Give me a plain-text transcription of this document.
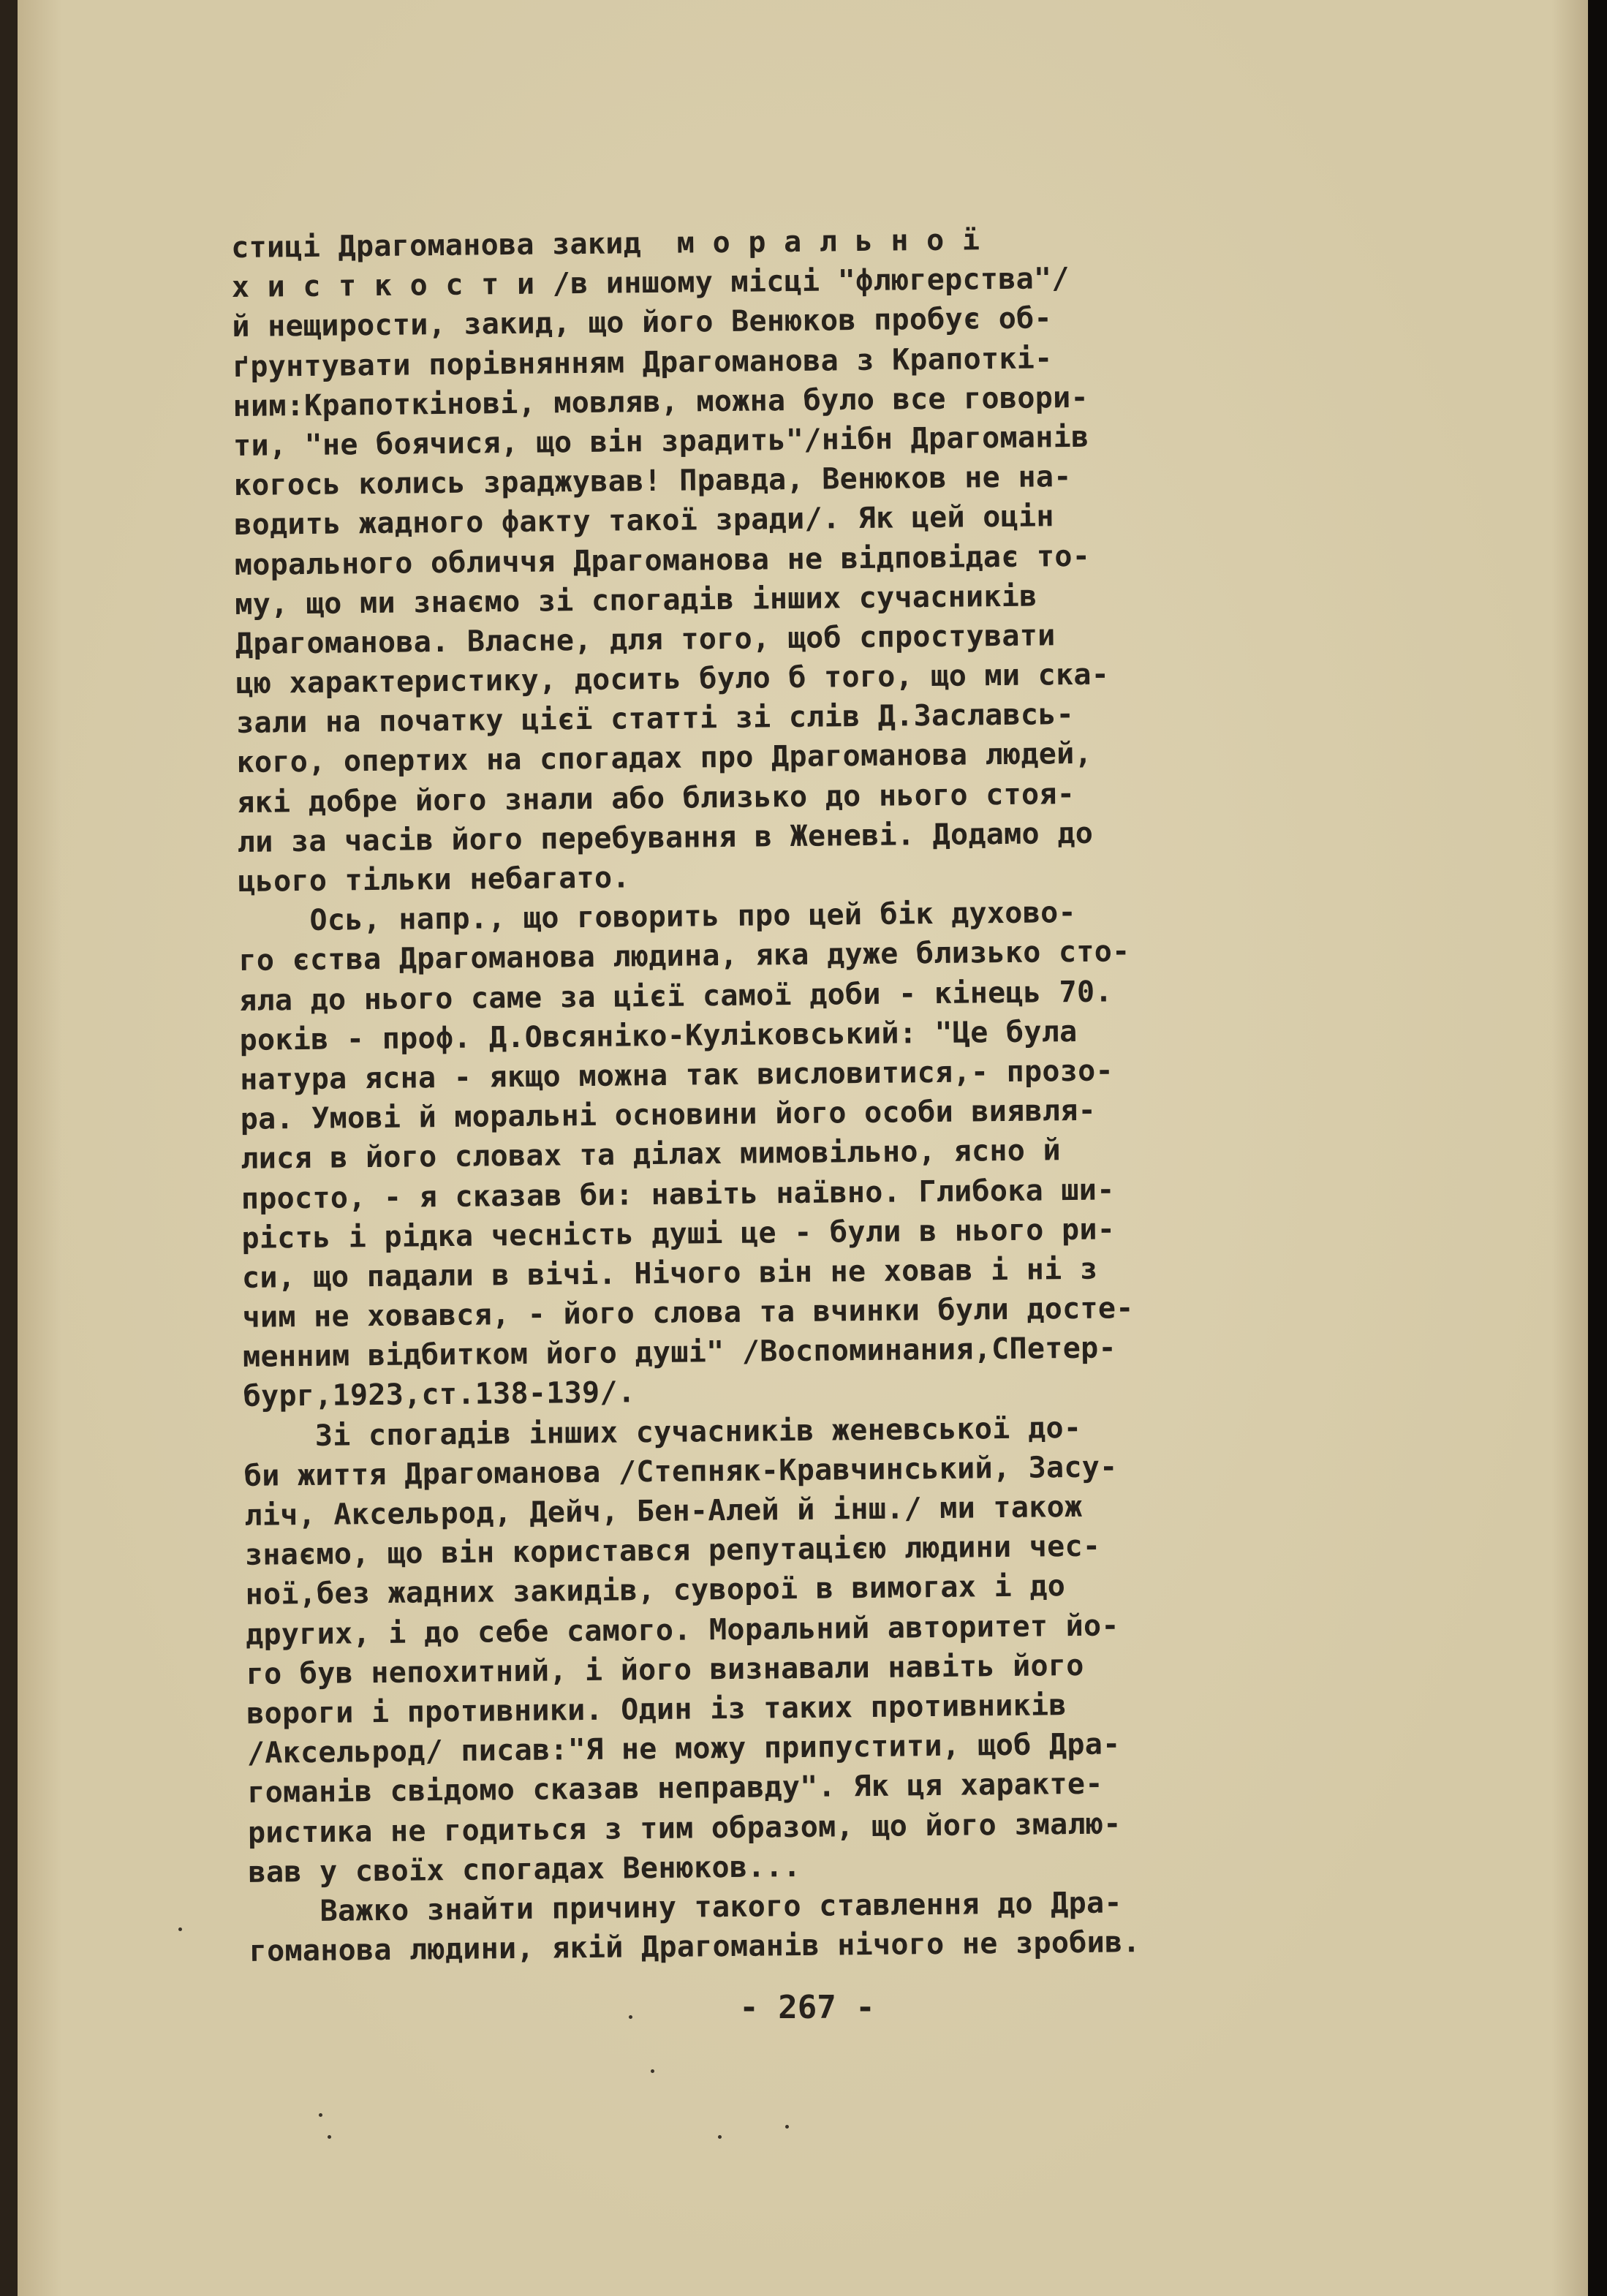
стиці Драгоманова закид  м о р а л ь н о ї
х и с т к о с т и /в иншому місці "флюгерства"/
й нещирости, закид, що його Венюков пробує об-
ґрунтувати порівнянням Драгоманова з Крапоткі-
ним:Крапоткінові, мовляв, можна було все говори-
ти, "не боячися, що він зрадить"/нібн Драгоманів
когось колись зраджував! Правда, Венюков не на-
водить жадного факту такої зради/. Як цей оцін
морального обличчя Драгоманова не відповідає то-
му, що ми знаємо зі спогадів інших сучасників
Драгоманова. Власне, для того, щоб спростувати
цю характеристику, досить було б того, що ми ска-
зали на початку цієї статті зі слів Д.Заславсь-
кого, опертих на спогадах про Драгоманова людей,
які добре його знали або близько до нього стоя-
ли за часів його перебування в Женеві. Додамо до
цього тільки небагато.
Ось, напр., що говорить про цей бік духово-
го єства Драгоманова людина, яка дуже близько сто-
яла до нього саме за цієї самої доби - кінець 70.
років - проф. Д.Овсяніко-Куліковський: "Це була
натура ясна - якщо можна так висловитися,- прозо-
ра. Умові й моральні основини його особи виявля-
лися в його словах та ділах мимовільно, ясно й
просто, - я сказав би: навіть наївно. Глибока ши-
рість і рідка чесність душі це - були в нього ри-
си, що падали в вічі. Нічого він не ховав і ні з
чим не ховався, - його слова та вчинки були досте-
менним відбитком його душі" /Воспоминания,СПетер-
бург,1923,ст.138-139/.
Зі спогадів інших сучасників женевської до-
би життя Драгоманова /Степняк-Кравчинський, Засу-
ліч, Аксельрод, Дейч, Бен-Алей й інш./ ми також
знаємо, що він користався репутацією людини чес-
ної,без жадних закидів, суворої в вимогах і до
других, і до себе самого. Моральний авторитет йо-
го був непохитний, і його визнавали навіть його
вороги і противники. Один із таких противників
/Аксельрод/ писав:"Я не можу припустити, щоб Дра-
гоманів свідомо сказав неправду". Як ця характе-
ристика не годиться з тим образом, що його змалю-
вав у своїх спогадах Венюков...
Важко знайти причину такого ставлення до Дра-
гоманова людини, якій Драгоманів нічого не зробив.
- 267 -
